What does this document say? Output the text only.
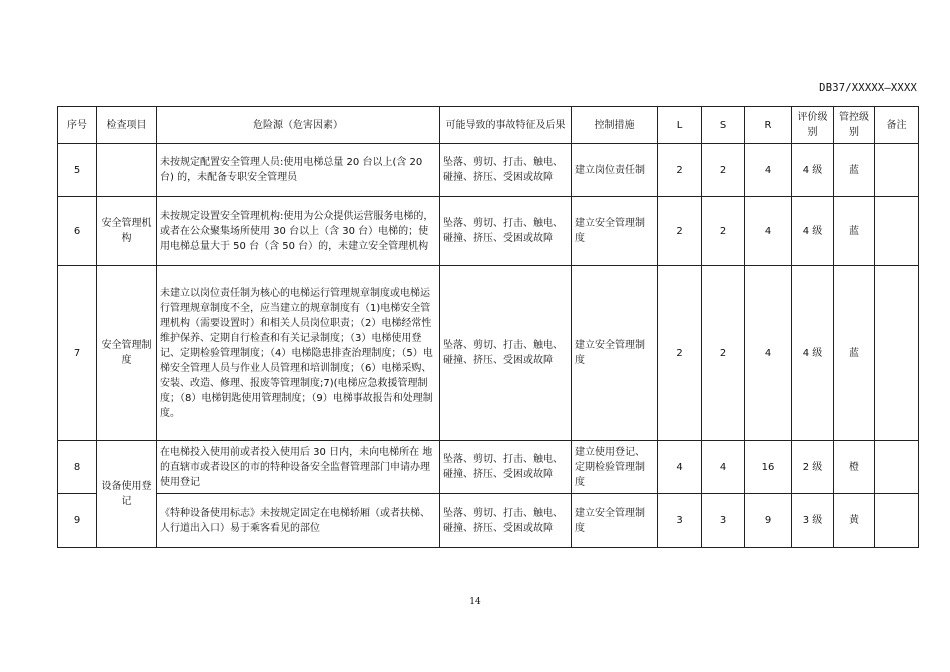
DB37/XXXXX—XXXX
序号	检查项目	危险源（危害因素）	可能导致的事故特征及后果	控制措施	L	S	R	评价级别	管控级别	备注
5		未按规定配置安全管理人员:使用电梯总量 20 台以上(含 20 台) 的，未配备专职安全管理员	坠落、剪切、打击、触电、碰撞、挤压、受困或故障	建立岗位责任制	2	2	4	4 级	蓝	
6	安全管理机构	未按规定设置安全管理机构:使用为公众提供运营服务电梯的，或者在公众聚集场所使用 30 台以上（含 30 台）电梯的；使用电梯总量大于 50 台（含 50 台）的，未建立安全管理机构	坠落、剪切、打击、触电、碰撞、挤压、受困或故障	建立安全管理制度	2	2	4	4 级	蓝	
7	安全管理制度	未建立以岗位责任制为核心的电梯运行管理规章制度或电梯运行管理规章制度不全，应当建立的规章制度有（1)电梯安全管理机构（需要设置时）和相关人员岗位职责；（2）电梯经常性维护保养、定期自行检查和有关记录制度；（3）电梯使用登记、定期检验管理制度；（4）电梯隐患排查治理制度；（5）电梯安全管理人员与作业人员管理和培训制度；（6）电梯采购、安装、改造、修理、报废等管理制度;7)(电梯应急救援管理制度；（8）电梯钥匙使用管理制度；（9）电梯事故报告和处理制度。	坠落、剪切、打击、触电、碰撞、挤压、受困或故障	建立安全管理制度	2	2	4	4 级	蓝	
8	设备使用登记	在电梯投入使用前或者投入使用后 30 日内，未向电梯所在 地的直辖市或者设区的市的特种设备安全监督管理部门申请办理使用登记	坠落、剪切、打击、触电、碰撞、挤压、受困或故障	建立使用登记、定期检验管理制度	4	4	16	2 级	橙	
9		《特种设备使用标志》未按规定固定在电梯轿厢（或者扶梯、人行道出入口）易于乘客看见的部位	坠落、剪切、打击、触电、碰撞、挤压、受困或故障	建立安全管理制度	3	3	9	3 级	黄	
14
